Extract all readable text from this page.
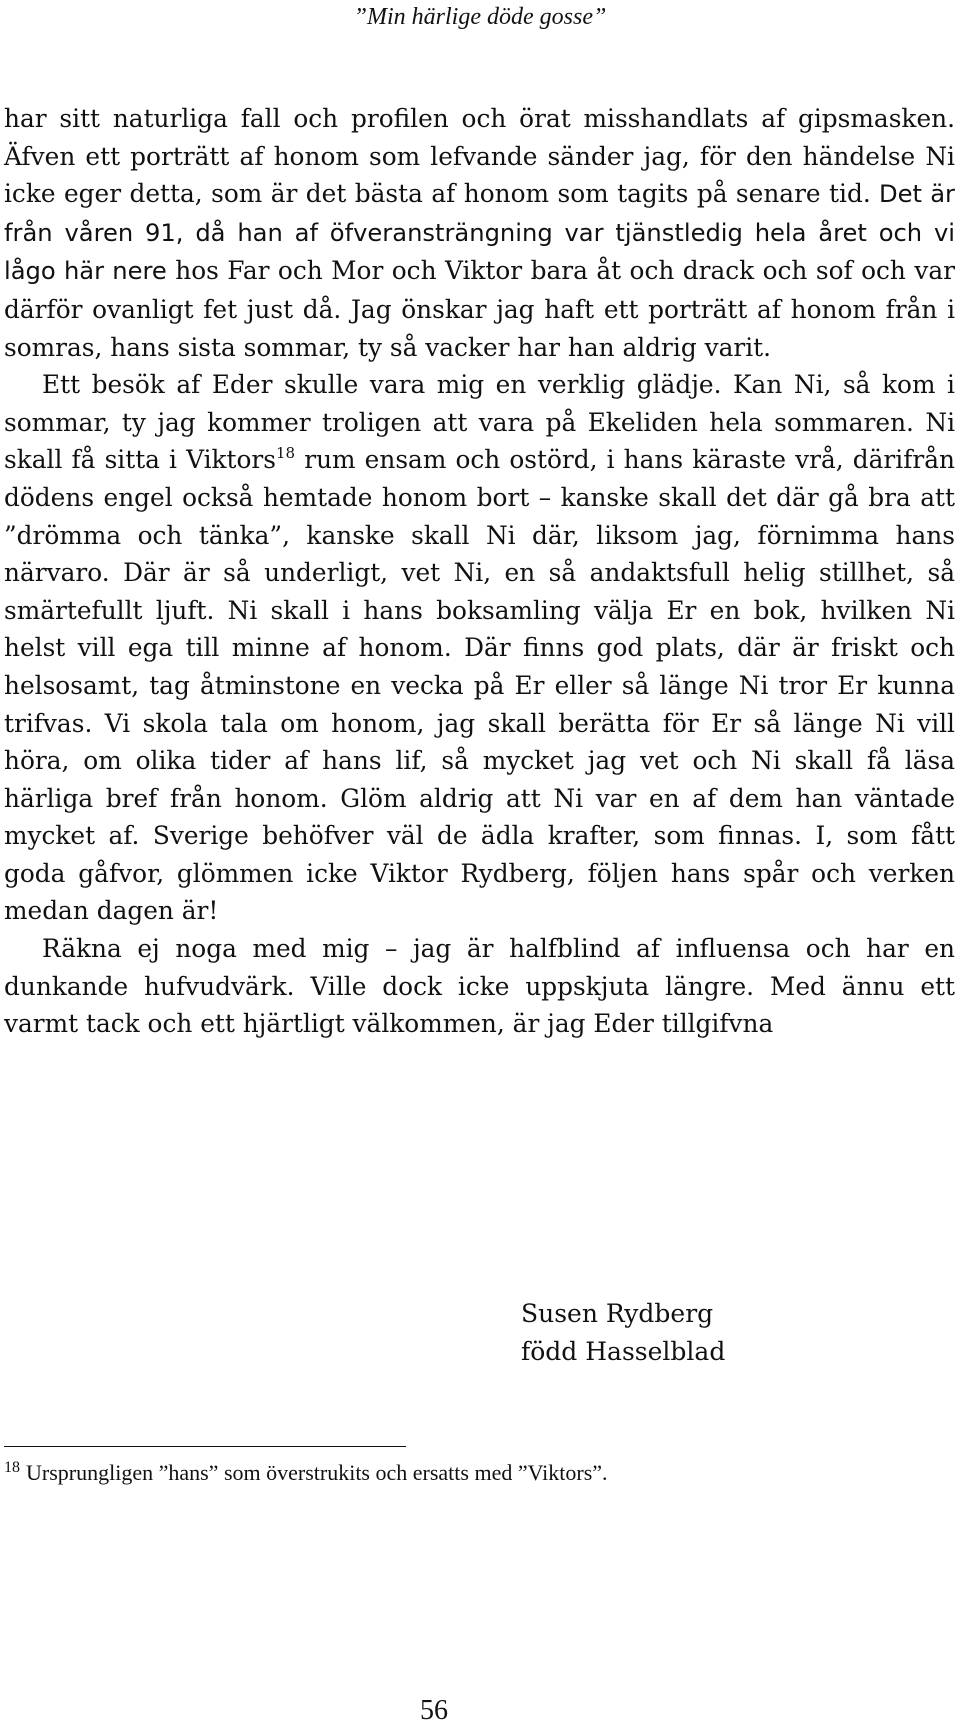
”Min härlige döde gosse”

har sitt naturliga fall och profilen och örat misshandlats af gipsmasken. Äfven ett porträtt af honom som lefvande sänder jag, för den händelse Ni icke eger detta, som är det bästa af honom som tagits på senare tid. Det är från våren 91, då han af öfveransträngning var tjänstledig hela året och vi lågo här nere hos Far och Mor och Viktor bara åt och drack och sof och var därför ovanligt fet just då. Jag önskar jag haft ett porträtt af honom från i somras, hans sista sommar, ty så vacker har han aldrig varit.

Ett besök af Eder skulle vara mig en verklig glädje. Kan Ni, så kom i sommar, ty jag kommer troligen att vara på Ekeliden hela sommaren. Ni skall få sitta i Viktors$^{18}$ rum ensam och ostörd, i hans käraste vrå, därifrån dödens engel också hemtade honom bort – kanske skall det där gå bra att ”drömma och tänka”, kanske skall Ni där, liksom jag, förnimma hans närvaro. Där är så underligt, vet Ni, en så andaktsfull helig stillhet, så smärtefullt ljuft. Ni skall i hans boksamling välja Er en bok, hvilken Ni helst vill ega till minne af honom. Där finns god plats, där är friskt och helsosamt, tag åtminstone en vecka på Er eller så länge Ni tror Er kunna trifvas. Vi skola tala om honom, jag skall berätta för Er så länge Ni vill höra, om olika tider af hans lif, så mycket jag vet och Ni skall få läsa härliga bref från honom. Glöm aldrig att Ni var en af dem han väntade mycket af. Sverige behöfver väl de ädla krafter, som finnas. I, som fått goda gåfvor, glömmen icke Viktor Rydberg, följen hans spår och verken medan dagen är!

Räkna ej noga med mig – jag är halfblind af influensa och har en dunkande hufvudvärk. Ville dock icke uppskjuta längre. Med ännu ett varmt tack och ett hjärtligt välkommen, är jag Eder tillgifvna

Susen Rydberg
född Hasselblad
$^{18}$ Ursprungligen ”hans” som överstrukits och ersatts med ”Viktors”.
56
